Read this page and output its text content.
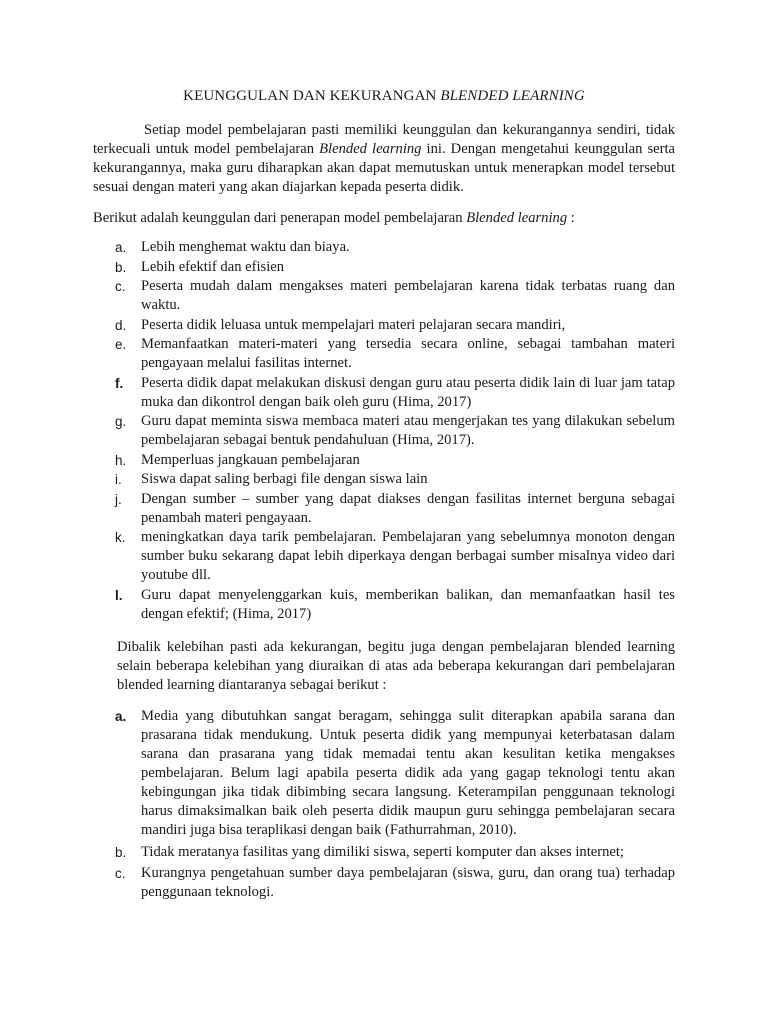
KEUNGGULAN DAN KEKURANGAN BLENDED LEARNING

Setiap model pembelajaran pasti memiliki keunggulan dan kekurangannya sendiri, tidak terkecuali untuk model pembelajaran Blended learning ini. Dengan mengetahui keunggulan serta kekurangannya, maka guru diharapkan akan dapat memutuskan untuk menerapkan model tersebut sesuai dengan materi yang akan diajarkan kepada peserta didik.

Berikut adalah keunggulan dari penerapan model pembelajaran Blended learning :

a. Lebih menghemat waktu dan biaya.
b. Lebih efektif dan efisien
c. Peserta mudah dalam mengakses materi pembelajaran karena tidak terbatas ruang dan waktu.
d. Peserta didik leluasa untuk mempelajari materi pelajaran secara mandiri,
e. Memanfaatkan materi-materi yang tersedia secara online, sebagai tambahan materi pengayaan melalui fasilitas internet.
f. Peserta didik dapat melakukan diskusi dengan guru atau peserta didik lain di luar jam tatap muka dan dikontrol dengan baik oleh guru (Hima, 2017)
g. Guru dapat meminta siswa membaca materi atau mengerjakan tes yang dilakukan sebelum pembelajaran sebagai bentuk pendahuluan (Hima, 2017).
h. Memperluas jangkauan pembelajaran
i. Siswa dapat saling berbagi file dengan siswa lain
j. Dengan sumber – sumber yang dapat diakses dengan fasilitas internet berguna sebagai penambah materi pengayaan.
k. meningkatkan daya tarik pembelajaran. Pembelajaran yang sebelumnya monoton dengan sumber buku sekarang dapat lebih diperkaya dengan berbagai sumber misalnya video dari youtube dll.
l. Guru dapat menyelenggarkan kuis, memberikan balikan, dan memanfaatkan hasil tes dengan efektif; (Hima, 2017)

Dibalik kelebihan pasti ada kekurangan, begitu juga dengan pembelajaran blended learning selain beberapa kelebihan yang diuraikan di atas ada beberapa kekurangan dari pembelajaran blended learning diantaranya sebagai berikut :

a. Media yang dibutuhkan sangat beragam, sehingga sulit diterapkan apabila sarana dan prasarana tidak mendukung. Untuk peserta didik yang mempunyai keterbatasan dalam sarana dan prasarana yang tidak memadai tentu akan kesulitan ketika mengakses pembelajaran. Belum lagi apabila peserta didik ada yang gagap teknologi tentu akan kebingungan jika tidak dibimbing secara langsung. Keterampilan penggunaan teknologi harus dimaksimalkan baik oleh peserta didik maupun guru sehingga pembelajaran secara mandiri juga bisa teraplikasi dengan baik (Fathurrahman, 2010).
b. Tidak meratanya fasilitas yang dimiliki siswa, seperti komputer dan akses internet;
c. Kurangnya pengetahuan sumber daya pembelajaran (siswa, guru, dan orang tua) terhadap penggunaan teknologi.
